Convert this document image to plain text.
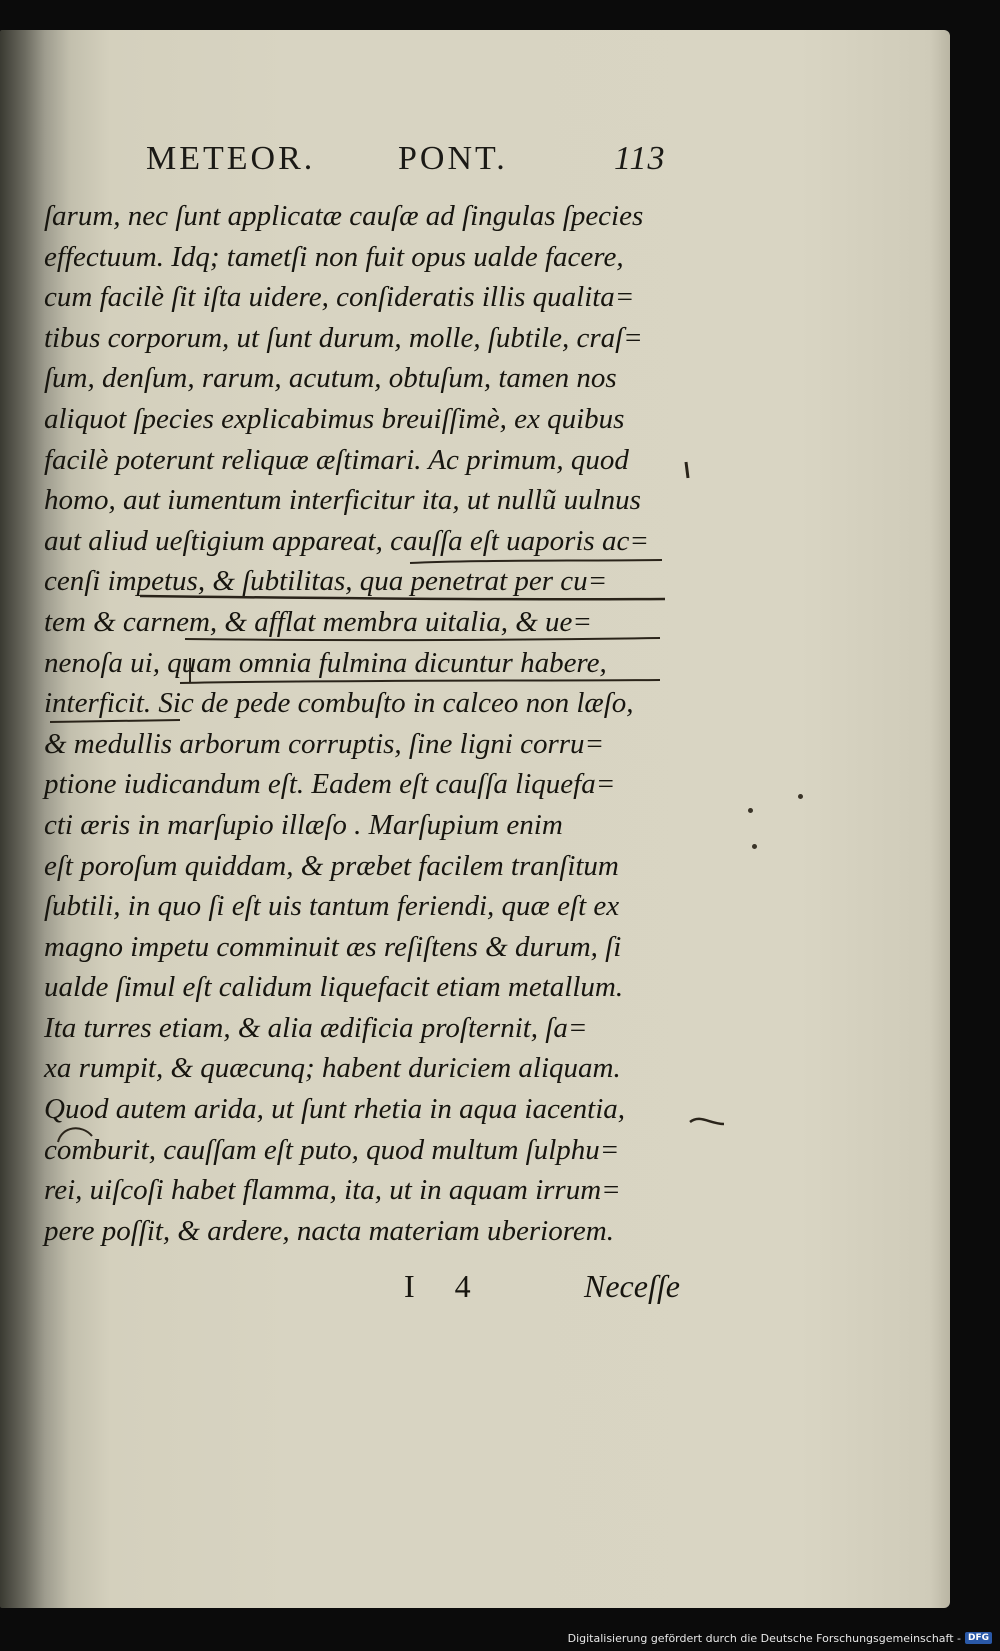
METEOR. PONT.	113
ſarum, nec ſunt applicatæ cauſæ ad ſingulas ſpecies
effectuum. Idq; tametſi non fuit opus ualde facere,
cum facilè ſit iſta uidere, conſideratis illis qualita=
tibus corporum, ut ſunt durum, molle, ſubtile, craſ=
ſum, denſum, rarum, acutum, obtuſum, tamen nos
aliquot ſpecies explicabimus breuiſſimè, ex quibus
facilè poterunt reliquæ æſtimari. Ac primum, quod
homo, aut iumentum interficitur ita, ut nullũ uulnus
aut aliud ueſtigium appareat, cauſſa eſt uaporis ac=
cenſi impetus, & ſubtilitas, qua penetrat per cu=
tem & carnem, & afflat membra uitalia, & ue=
nenoſa ui, quam omnia fulmina dicuntur habere,
interficit. Sic de pede combuſto in calceo non læſo,
& medullis arborum corruptis, ſine ligni corru=
ptione iudicandum eſt. Eadem eſt cauſſa liquefa=
cti æris in marſupio illæſo . Marſupium enim
eſt poroſum quiddam, & præbet facilem tranſitum
ſubtili, in quo ſi eſt uis tantum feriendi, quæ eſt ex
magno impetu comminuit æs reſiſtens & durum, ſi
ualde ſimul eſt calidum liquefacit etiam metallum.
Ita turres etiam, & alia ædificia proſternit, ſa=
xa rumpit, & quæcunq; habent duriciem aliquam.
Quod autem arida, ut ſunt rhetia in aqua iacentia,
comburit, cauſſam eſt puto, quod multum ſulphu=
rei, uiſcoſi habet flamma, ita, ut in aquam irrum=
pere poſſit, & ardere, nacta materiam uberiorem.
I 4	Neceſſe
Digitalisierung gefördert durch die Deutsche Forschungsgemeinschaft - DFG
